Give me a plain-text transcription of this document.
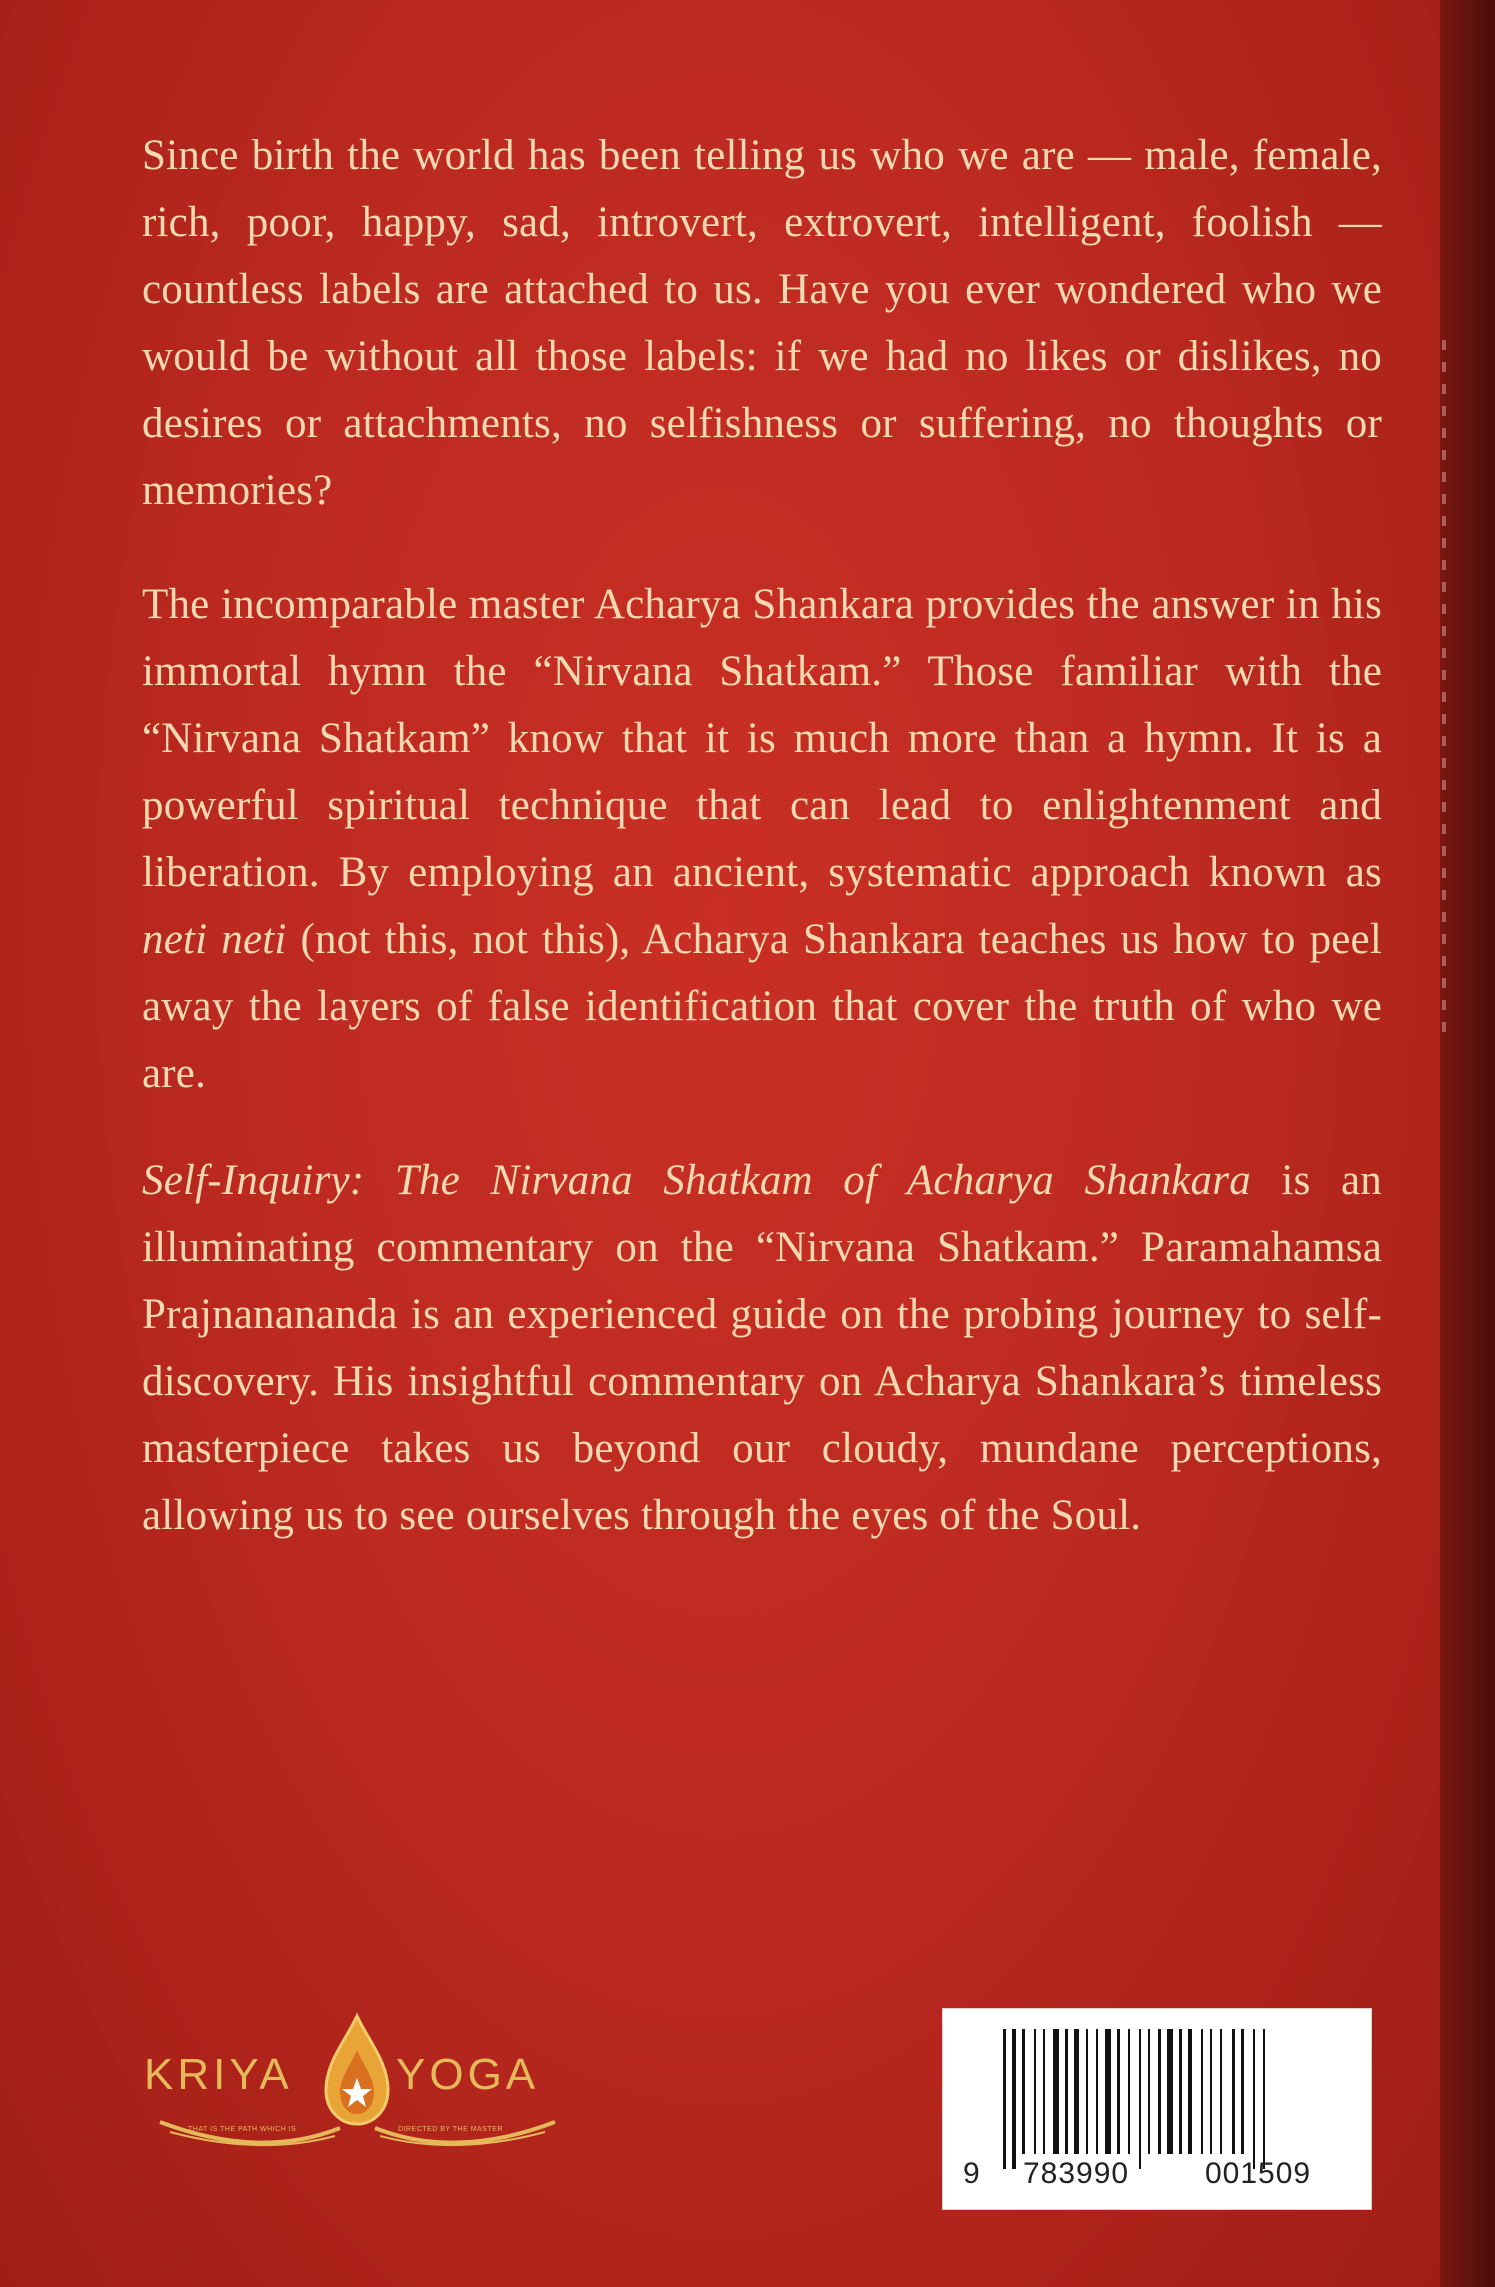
Since birth the world has been telling us who we are — male, female, rich, poor, happy, sad, introvert, extrovert, intelligent, foolish — countless labels are attached to us. Have you ever wondered who we would be without all those labels: if we had no likes or dislikes, no desires or attachments, no selfishness or suffering, no thoughts or memories?

The incomparable master Acharya Shankara provides the answer in his immortal hymn the “Nirvana Shatkam.” Those familiar with the “Nirvana Shatkam” know that it is much more than a hymn. It is a powerful spiritual technique that can lead to enlightenment and liberation. By employing an ancient, systematic approach known as neti neti (not this, not this), Acharya Shankara teaches us how to peel away the layers of false identification that cover the truth of who we are.

Self-Inquiry: The Nirvana Shatkam of Acharya Shankara is an illuminating commentary on the “Nirvana Shatkam.” Paramahamsa Prajnanananda is an experienced guide on the probing journey to self-discovery. His insightful commentary on Acharya Shankara’s timeless masterpiece takes us beyond our cloudy, mundane perceptions, allowing us to see ourselves through the eyes of the Soul.

KRIYA YOGA
THAT IS THE PATH WHICH IS	DIRECTED BY THE MASTER
9 783990	001509
